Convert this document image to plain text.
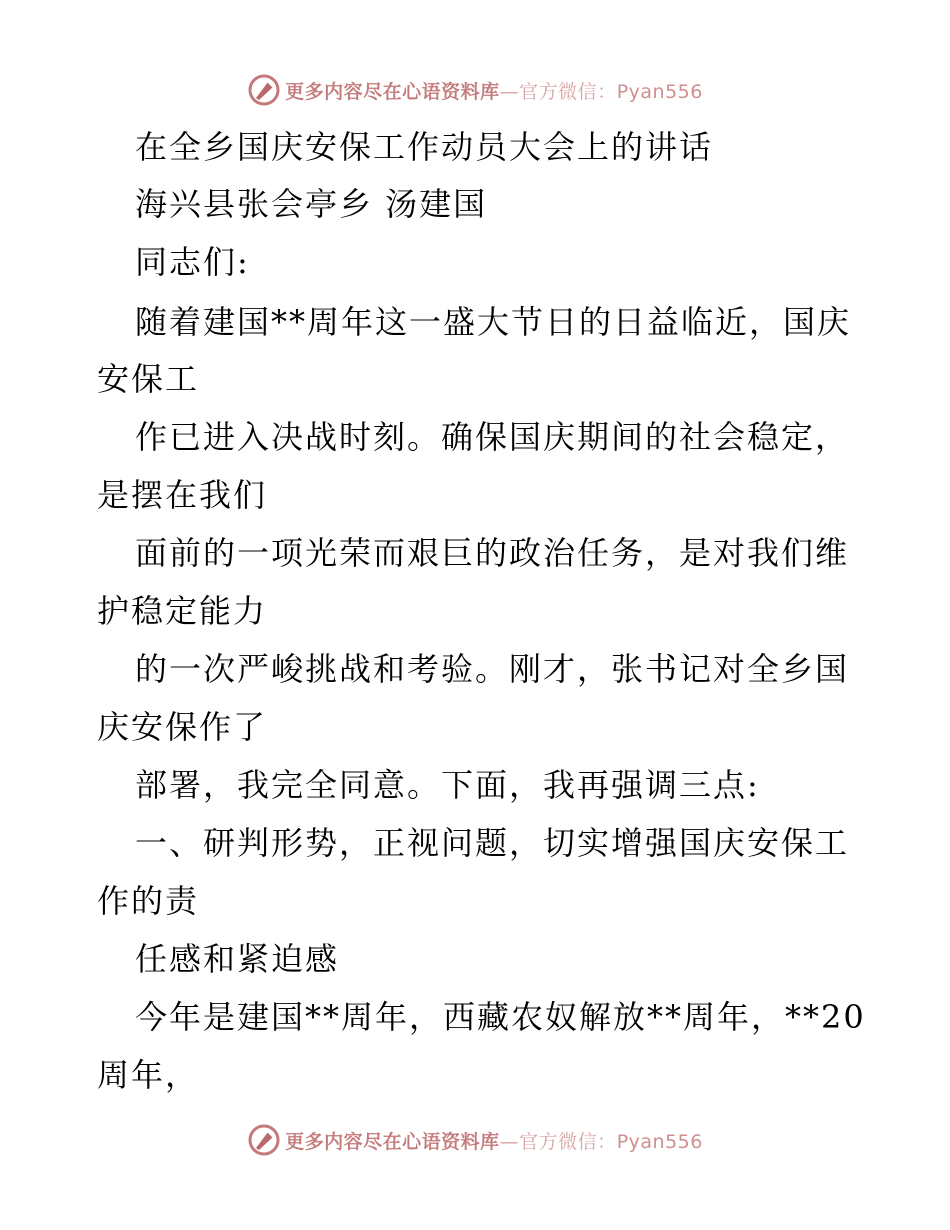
更多内容尽在心语资料库—官方微信：Pyan556
在全乡国庆安保工作动员大会上的讲话
海兴县张会亭乡 汤建国
同志们:
随着建国**周年这一盛大节日的日益临近，国庆
安保工
作已进入决战时刻。确保国庆期间的社会稳定，
是摆在我们
面前的一项光荣而艰巨的政治任务，是对我们维
护稳定能力
的一次严峻挑战和考验。刚才，张书记对全乡国
庆安保作了
部署，我完全同意。下面，我再强调三点:
一、研判形势，正视问题，切实增强国庆安保工
作的责
任感和紧迫感
今年是建国**周年，西藏农奴解放**周年，**20
周年，
更多内容尽在心语资料库—官方微信：Pyan556
